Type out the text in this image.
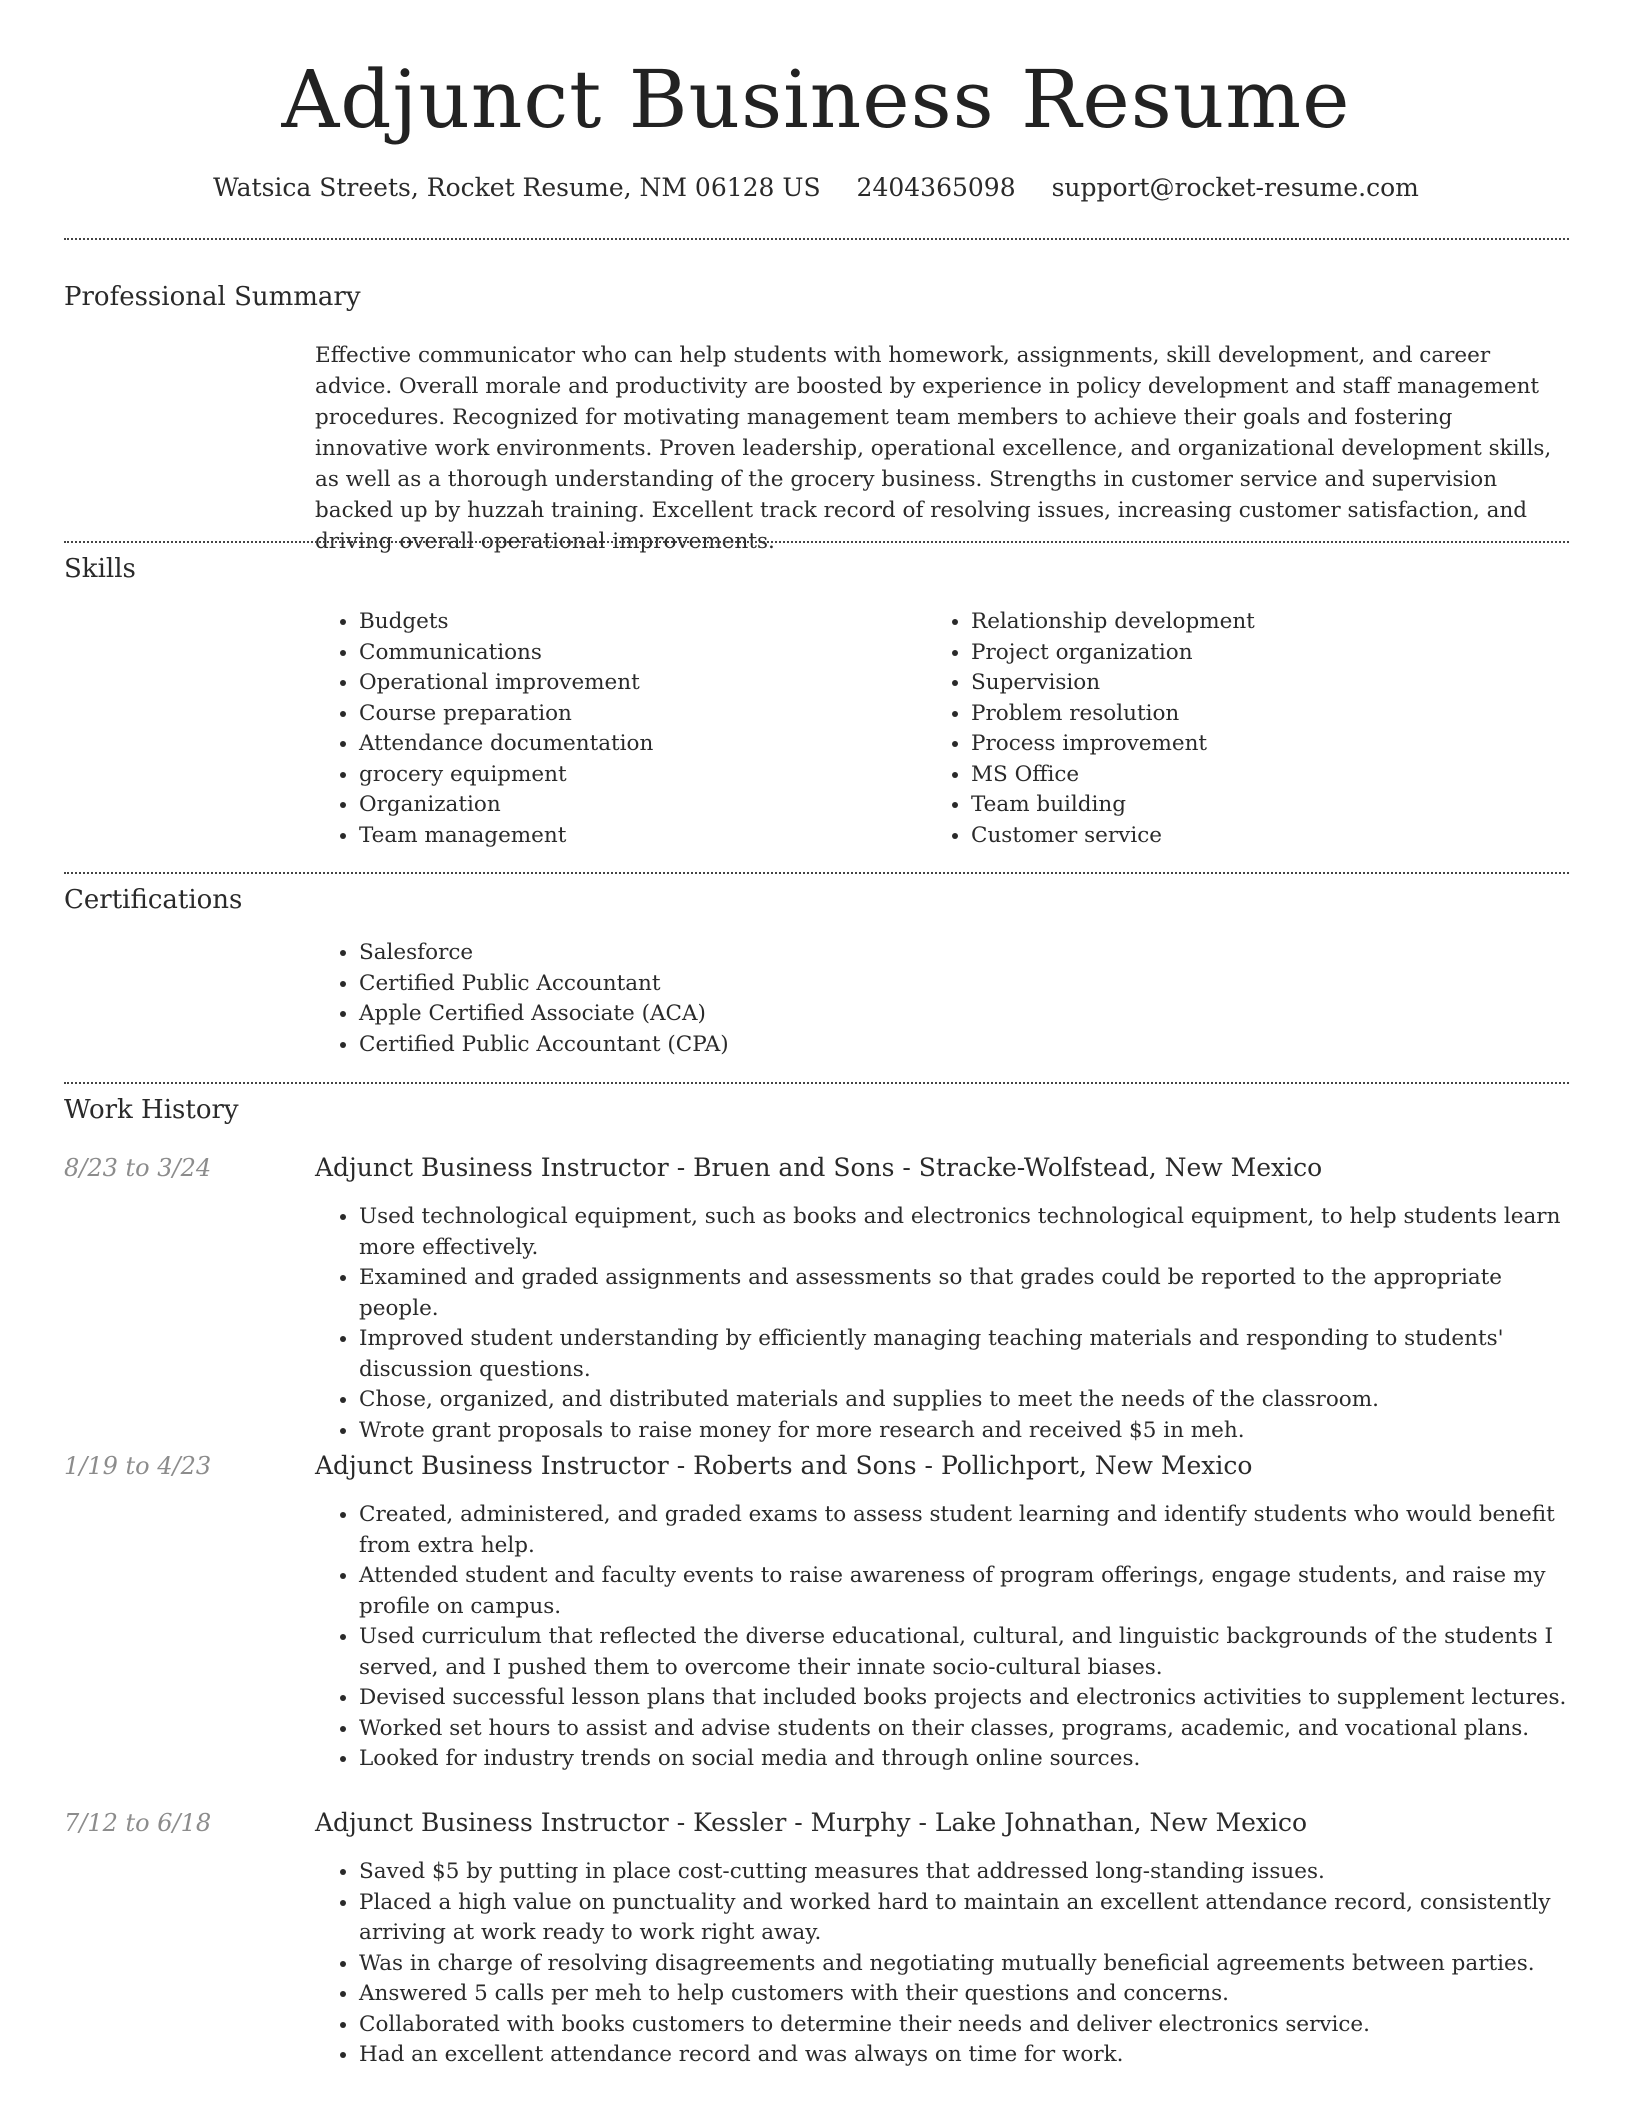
Adjunct Business Resume
Watsica Streets, Rocket Resume, NM 06128 US 2404365098 support@rocket-resume.com
Professional Summary

Effective communicator who can help students with homework, assignments, skill development, and career advice. Overall morale and productivity are boosted by experience in policy development and staff management procedures. Recognized for motivating management team members to achieve their goals and fostering innovative work environments. Proven leadership, operational excellence, and organizational development skills, as well as a thorough understanding of the grocery business. Strengths in customer service and supervision backed up by huzzah training. Excellent track record of resolving issues, increasing customer satisfaction, and driving overall operational improvements.

Skills
• Budgets
• Communications
• Operational improvement
• Course preparation
• Attendance documentation
• grocery equipment
• Organization
• Team management
• Relationship development
• Project organization
• Supervision
• Problem resolution
• Process improvement
• MS Office
• Team building
• Customer service
Certifications
• Salesforce
• Certified Public Accountant
• Apple Certified Associate (ACA)
• Certified Public Accountant (CPA)
Work History
8/23 to 3/24	Adjunct Business Instructor - Bruen and Sons - Stracke-Wolfstead, New Mexico
• Used technological equipment, such as books and electronics technological equipment, to help students learn more effectively.
• Examined and graded assignments and assessments so that grades could be reported to the appropriate people.
• Improved student understanding by efficiently managing teaching materials and responding to students' discussion questions.
• Chose, organized, and distributed materials and supplies to meet the needs of the classroom.
• Wrote grant proposals to raise money for more research and received $5 in meh.
1/19 to 4/23	Adjunct Business Instructor - Roberts and Sons - Pollichport, New Mexico
• Created, administered, and graded exams to assess student learning and identify students who would benefit from extra help.
• Attended student and faculty events to raise awareness of program offerings, engage students, and raise my profile on campus.
• Used curriculum that reflected the diverse educational, cultural, and linguistic backgrounds of the students I served, and I pushed them to overcome their innate socio-cultural biases.
• Devised successful lesson plans that included books projects and electronics activities to supplement lectures.
• Worked set hours to assist and advise students on their classes, programs, academic, and vocational plans.
• Looked for industry trends on social media and through online sources.
7/12 to 6/18	Adjunct Business Instructor - Kessler - Murphy - Lake Johnathan, New Mexico
• Saved $5 by putting in place cost-cutting measures that addressed long-standing issues.
• Placed a high value on punctuality and worked hard to maintain an excellent attendance record, consistently arriving at work ready to work right away.
• Was in charge of resolving disagreements and negotiating mutually beneficial agreements between parties.
• Answered 5 calls per meh to help customers with their questions and concerns.
• Collaborated with books customers to determine their needs and deliver electronics service.
• Had an excellent attendance record and was always on time for work.
